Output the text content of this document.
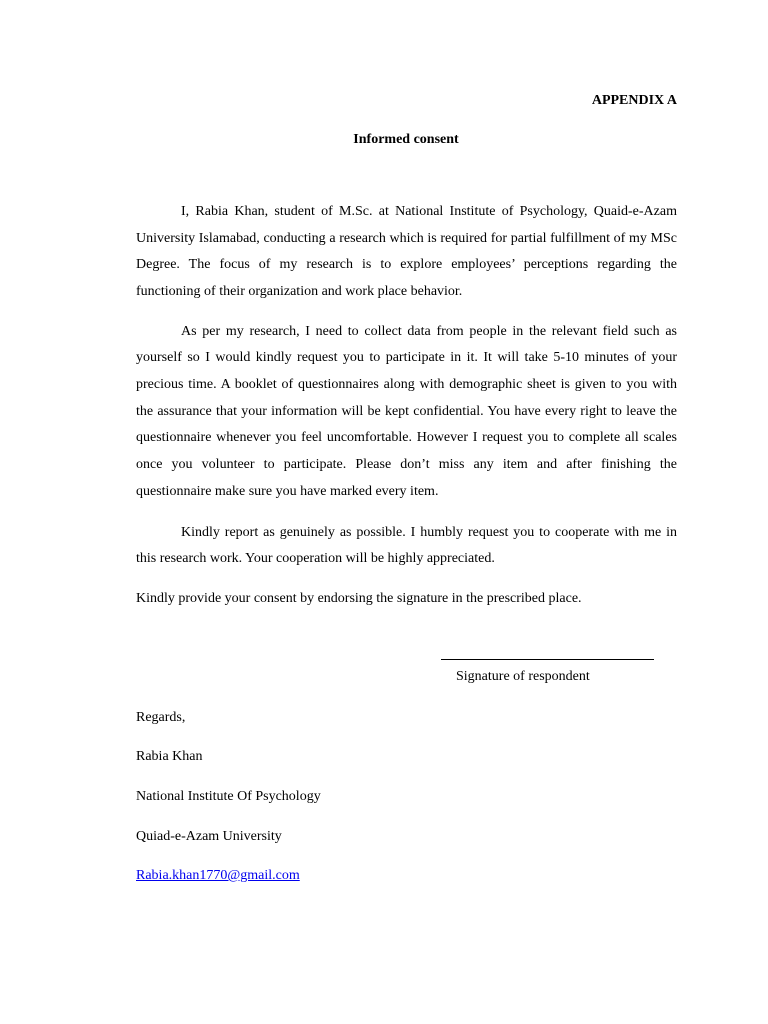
APPENDIX A
Informed consent

I, Rabia Khan, student of M.Sc. at National Institute of Psychology, Quaid-e-Azam University Islamabad, conducting a research which is required for partial fulfillment of my MSc Degree. The focus of my research is to explore employees’ perceptions regarding the functioning of their organization and work place behavior.

As per my research, I need to collect data from people in the relevant field such as yourself so I would kindly request you to participate in it. It will take 5-10 minutes of your precious time. A booklet of questionnaires along with demographic sheet is given to you with the assurance that your information will be kept confidential. You have every right to leave the questionnaire whenever you feel uncomfortable. However I request you to complete all scales once you volunteer to participate. Please don’t miss any item and after finishing the questionnaire make sure you have marked every item.

Kindly report as genuinely as possible. I humbly request you to cooperate with me in this research work. Your cooperation will be highly appreciated.

Kindly provide your consent by endorsing the signature in the prescribed place.

Signature of respondent
Regards,
Rabia Khan
National Institute Of Psychology
Quiad-e-Azam University
Rabia.khan1770@gmail.com
